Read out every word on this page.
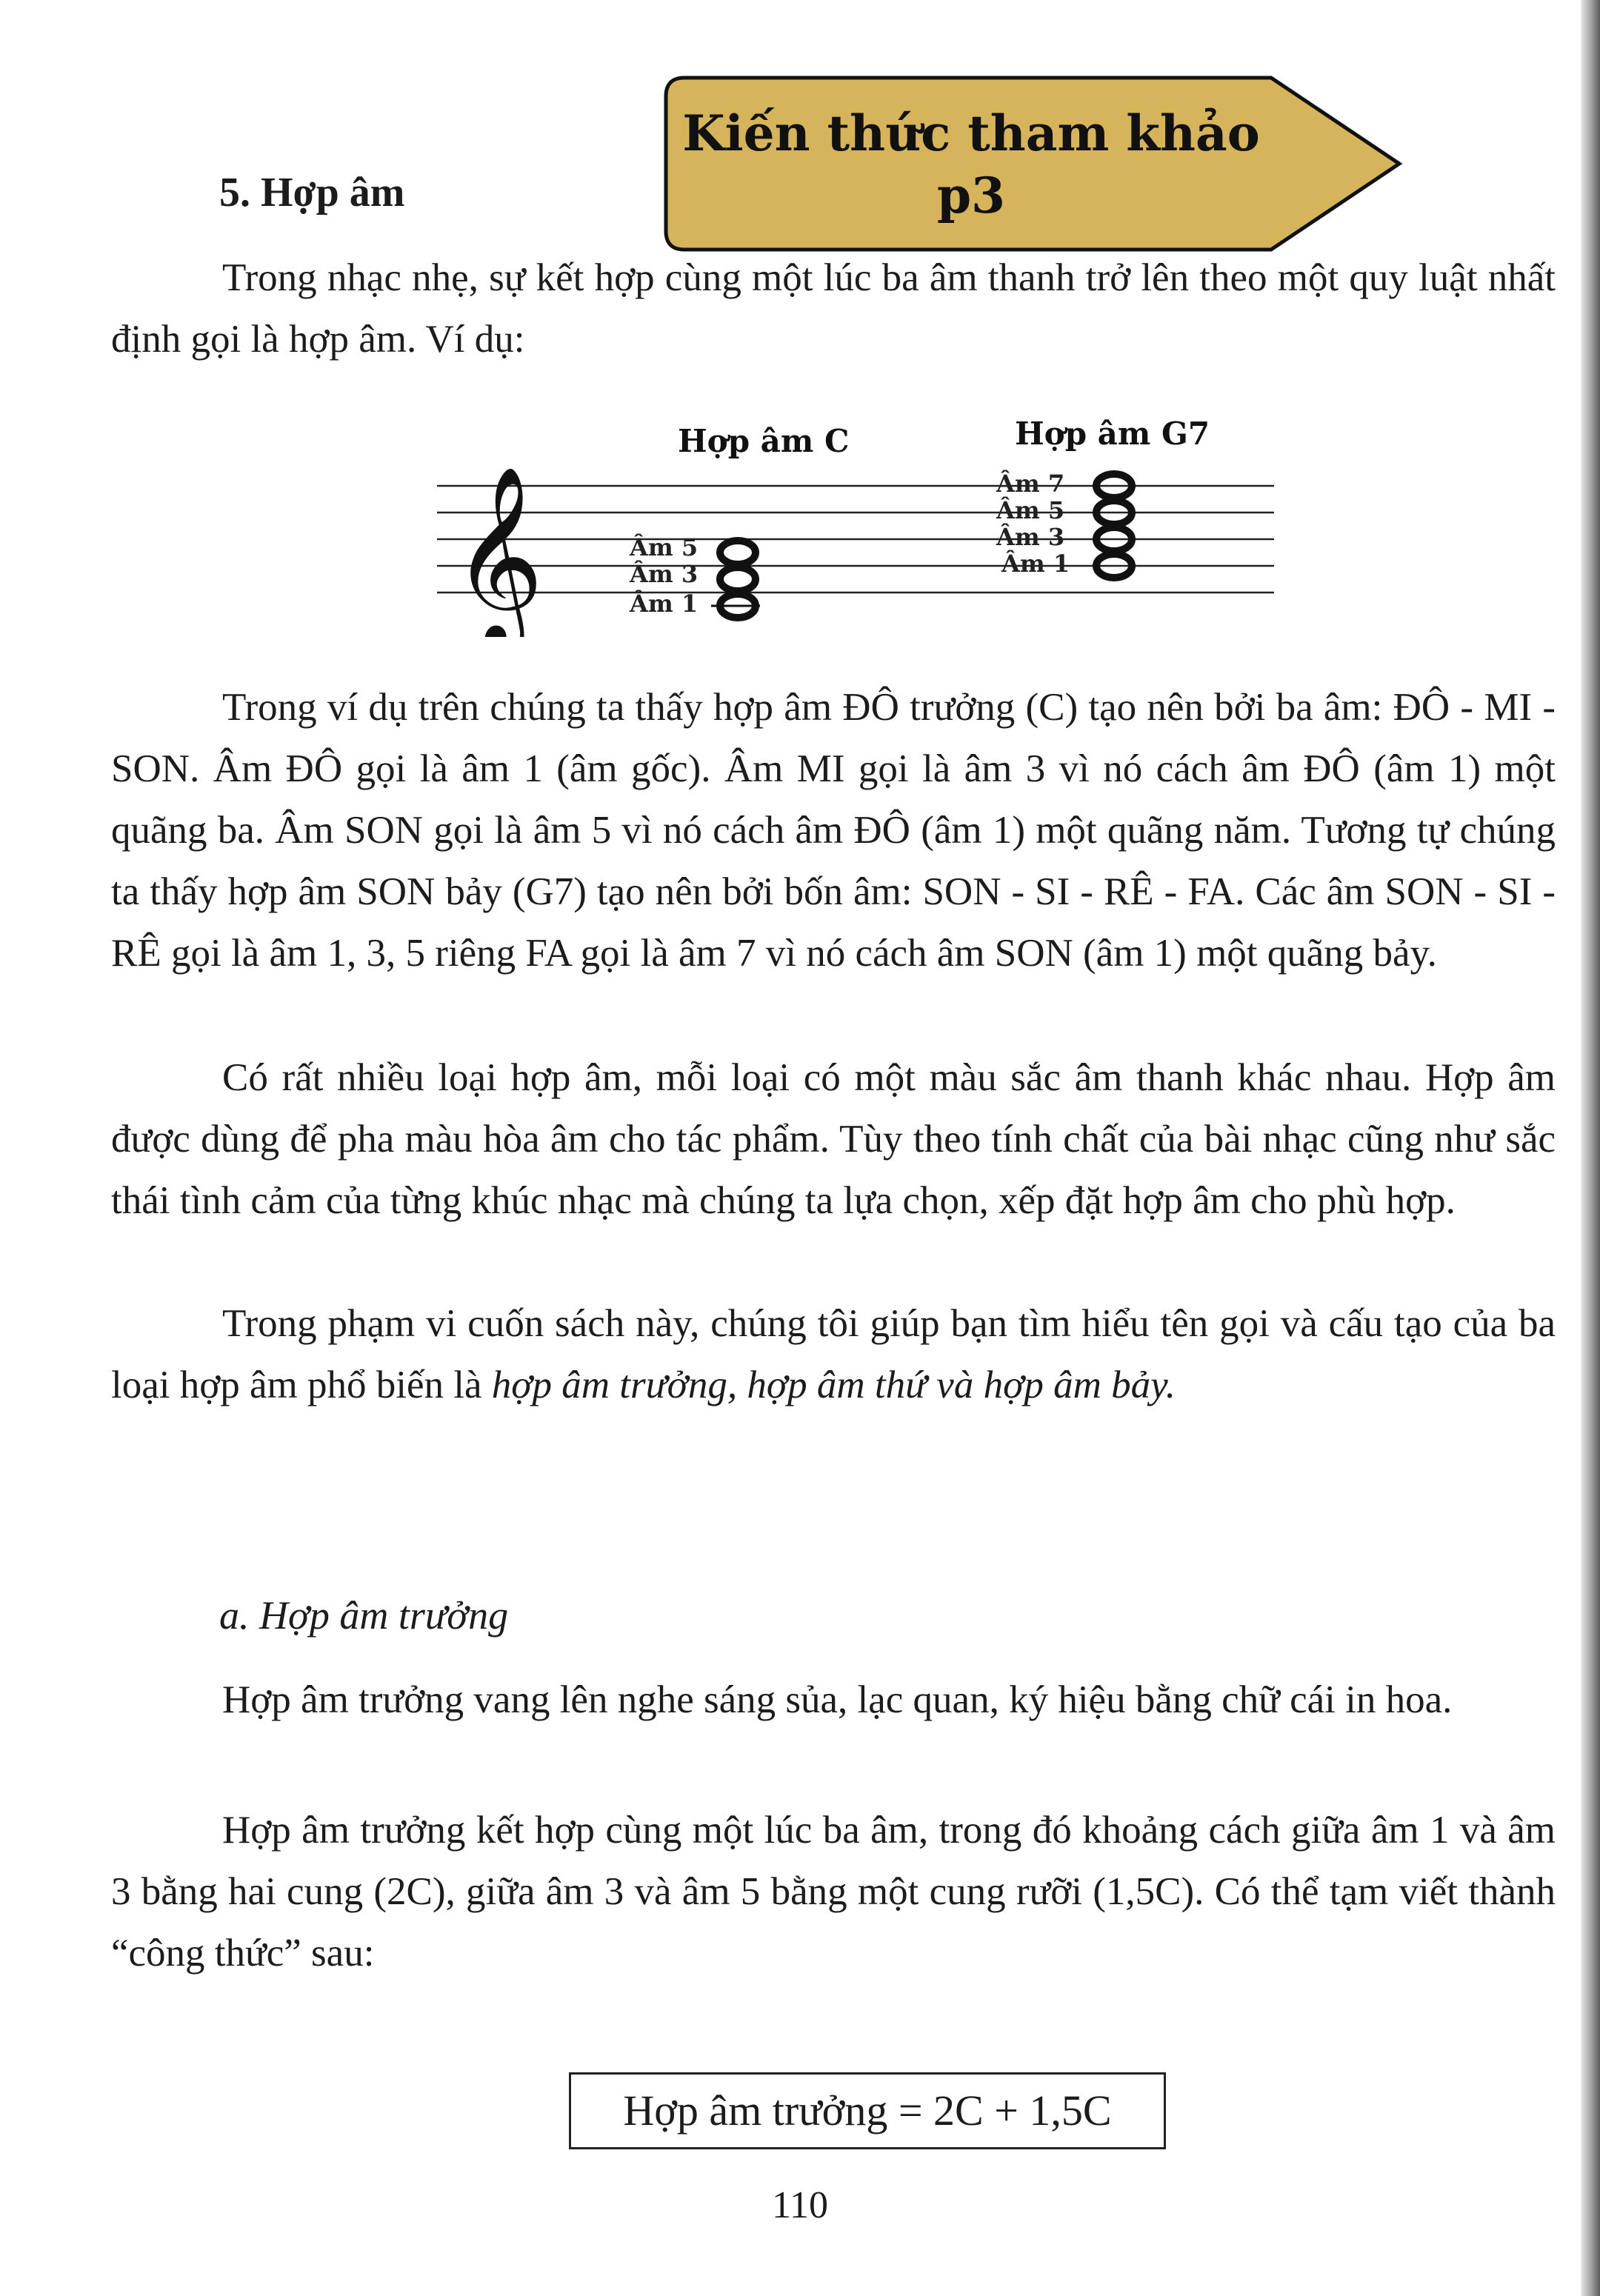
Kiến thức tham khảo
p3
5. Hợp âm
Trong nhạc nhẹ, sự kết hợp cùng một lúc ba âm thanh trở lên theo một quy luật nhất định gọi là hợp âm. Ví dụ:
𝄞
Hợp âm C	Hợp âm G7
Âm 5
Âm 3
Âm 1
Âm 7
Âm 5
Âm 3
Âm 1
Trong ví dụ trên chúng ta thấy hợp âm ĐÔ trưởng (C) tạo nên bởi ba âm: ĐÔ - MI - SON. Âm ĐÔ gọi là âm 1 (âm gốc). Âm MI gọi là âm 3 vì nó cách âm ĐÔ (âm 1) một quãng ba. Âm SON gọi là âm 5 vì nó cách âm ĐÔ (âm 1) một quãng năm. Tương tự chúng ta thấy hợp âm SON bảy (G7) tạo nên bởi bốn âm: SON - SI - RÊ - FA. Các âm SON - SI - RÊ gọi là âm 1, 3, 5 riêng FA gọi là âm 7 vì nó cách âm SON (âm 1) một quãng bảy.
Có rất nhiều loại hợp âm, mỗi loại có một màu sắc âm thanh khác nhau. Hợp âm được dùng để pha màu hòa âm cho tác phẩm. Tùy theo tính chất của bài nhạc cũng như sắc thái tình cảm của từng khúc nhạc mà chúng ta lựa chọn, xếp đặt hợp âm cho phù hợp.
Trong phạm vi cuốn sách này, chúng tôi giúp bạn tìm hiểu tên gọi và cấu tạo của ba loại hợp âm phổ biến là hợp âm trưởng, hợp âm thứ và hợp âm bảy.
a. Hợp âm trưởng
Hợp âm trưởng vang lên nghe sáng sủa, lạc quan, ký hiệu bằng chữ cái in hoa.
Hợp âm trưởng kết hợp cùng một lúc ba âm, trong đó khoảng cách giữa âm 1 và âm 3 bằng hai cung (2C), giữa âm 3 và âm 5 bằng một cung rưỡi (1,5C). Có thể tạm viết thành “công thức” sau:
Hợp âm trưởng = 2C + 1,5C
110
